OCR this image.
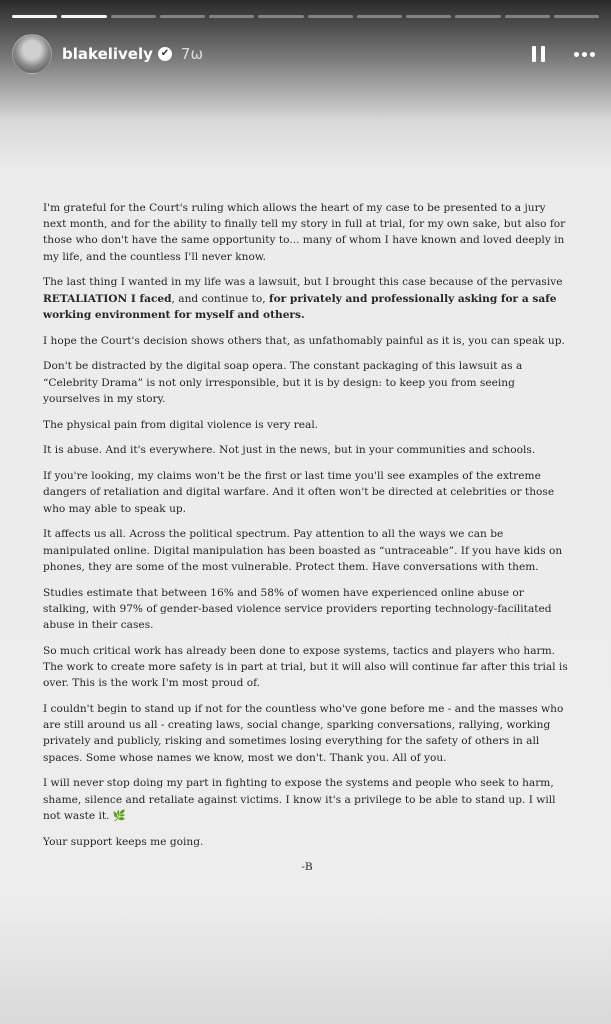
blakelively ✔ 7ω

I'm grateful for the Court's ruling which allows the heart of my case to be presented to a jury next month, and for the ability to finally tell my story in full at trial, for my own sake, but also for those who don't have the same opportunity to... many of whom I have known and loved deeply in my life, and the countless I'll never know.

The last thing I wanted in my life was a lawsuit, but I brought this case because of the pervasive RETALIATION I faced, and continue to, for privately and professionally asking for a safe working environment for myself and others.

I hope the Court's decision shows others that, as unfathomably painful as it is, you can speak up.

Don't be distracted by the digital soap opera. The constant packaging of this lawsuit as a “Celebrity Drama” is not only irresponsible, but it is by design: to keep you from seeing yourselves in my story.

The physical pain from digital violence is very real.

It is abuse. And it's everywhere. Not just in the news, but in your communities and schools.

If you're looking, my claims won't be the first or last time you'll see examples of the extreme dangers of retaliation and digital warfare. And it often won't be directed at celebrities or those who may able to speak up.

It affects us all. Across the political spectrum. Pay attention to all the ways we can be manipulated online. Digital manipulation has been boasted as “untraceable”. If you have kids on phones, they are some of the most vulnerable. Protect them. Have conversations with them.

Studies estimate that between 16% and 58% of women have experienced online abuse or stalking, with 97% of gender-based violence service providers reporting technology-facilitated abuse in their cases.

So much critical work has already been done to expose systems, tactics and players who harm. The work to create more safety is in part at trial, but it will also will continue far after this trial is over. This is the work I'm most proud of.

I couldn't begin to stand up if not for the countless who've gone before me - and the masses who are still around us all - creating laws, social change, sparking conversations, rallying, working privately and publicly, risking and sometimes losing everything for the safety of others in all spaces. Some whose names we know, most we don't. Thank you. All of you.

I will never stop doing my part in fighting to expose the systems and people who seek to harm, shame, silence and retaliate against victims. I know it's a privilege to be able to stand up. I will not waste it. 🌿

Your support keeps me going.

-B
